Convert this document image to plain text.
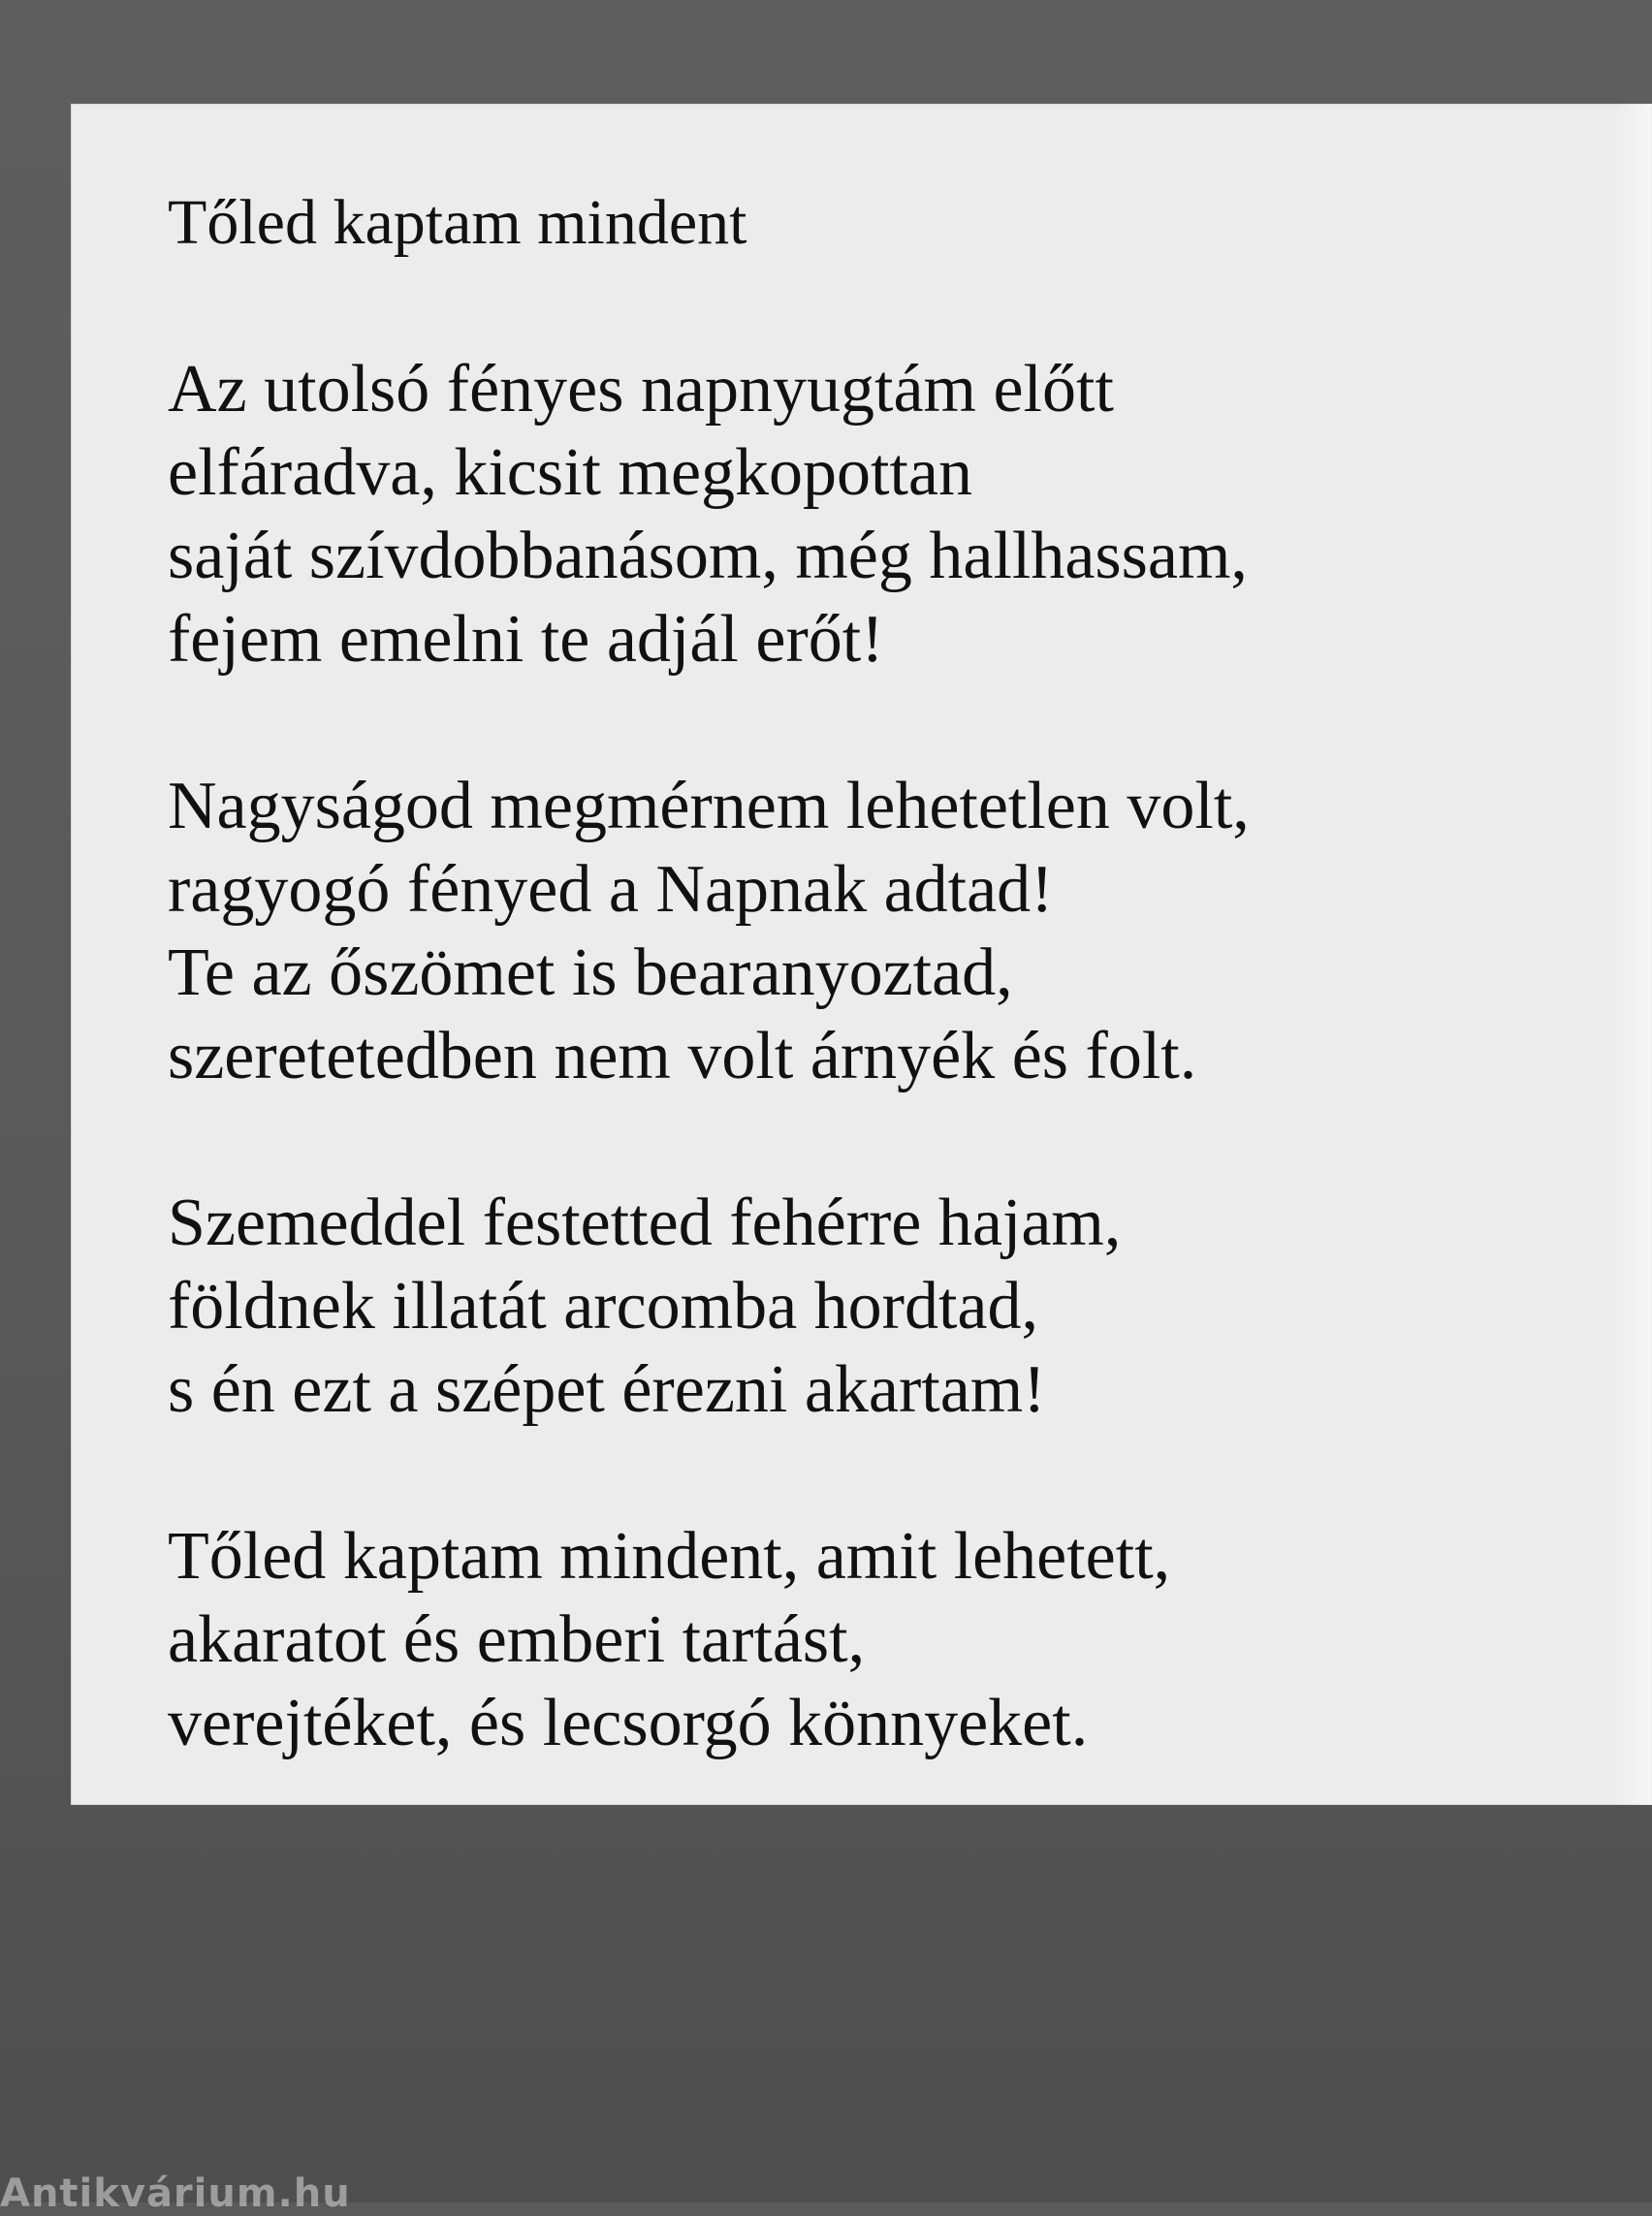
Tőled kaptam mindent
Az utolsó fényes napnyugtám előtt
elfáradva, kicsit megkopottan
saját szívdobbanásom, még hallhassam,
fejem emelni te adjál erőt!
Nagyságod megmérnem lehetetlen volt,
ragyogó fényed a Napnak adtad!
Te az őszömet is bearanyoztad,
szeretetedben nem volt árnyék és folt.
Szemeddel festetted fehérre hajam,
földnek illatát arcomba hordtad,
s én ezt a szépet érezni akartam!
Tőled kaptam mindent, amit lehetett,
akaratot és emberi tartást,
verejtéket, és lecsorgó könnyeket.
Antikvárium.hu
